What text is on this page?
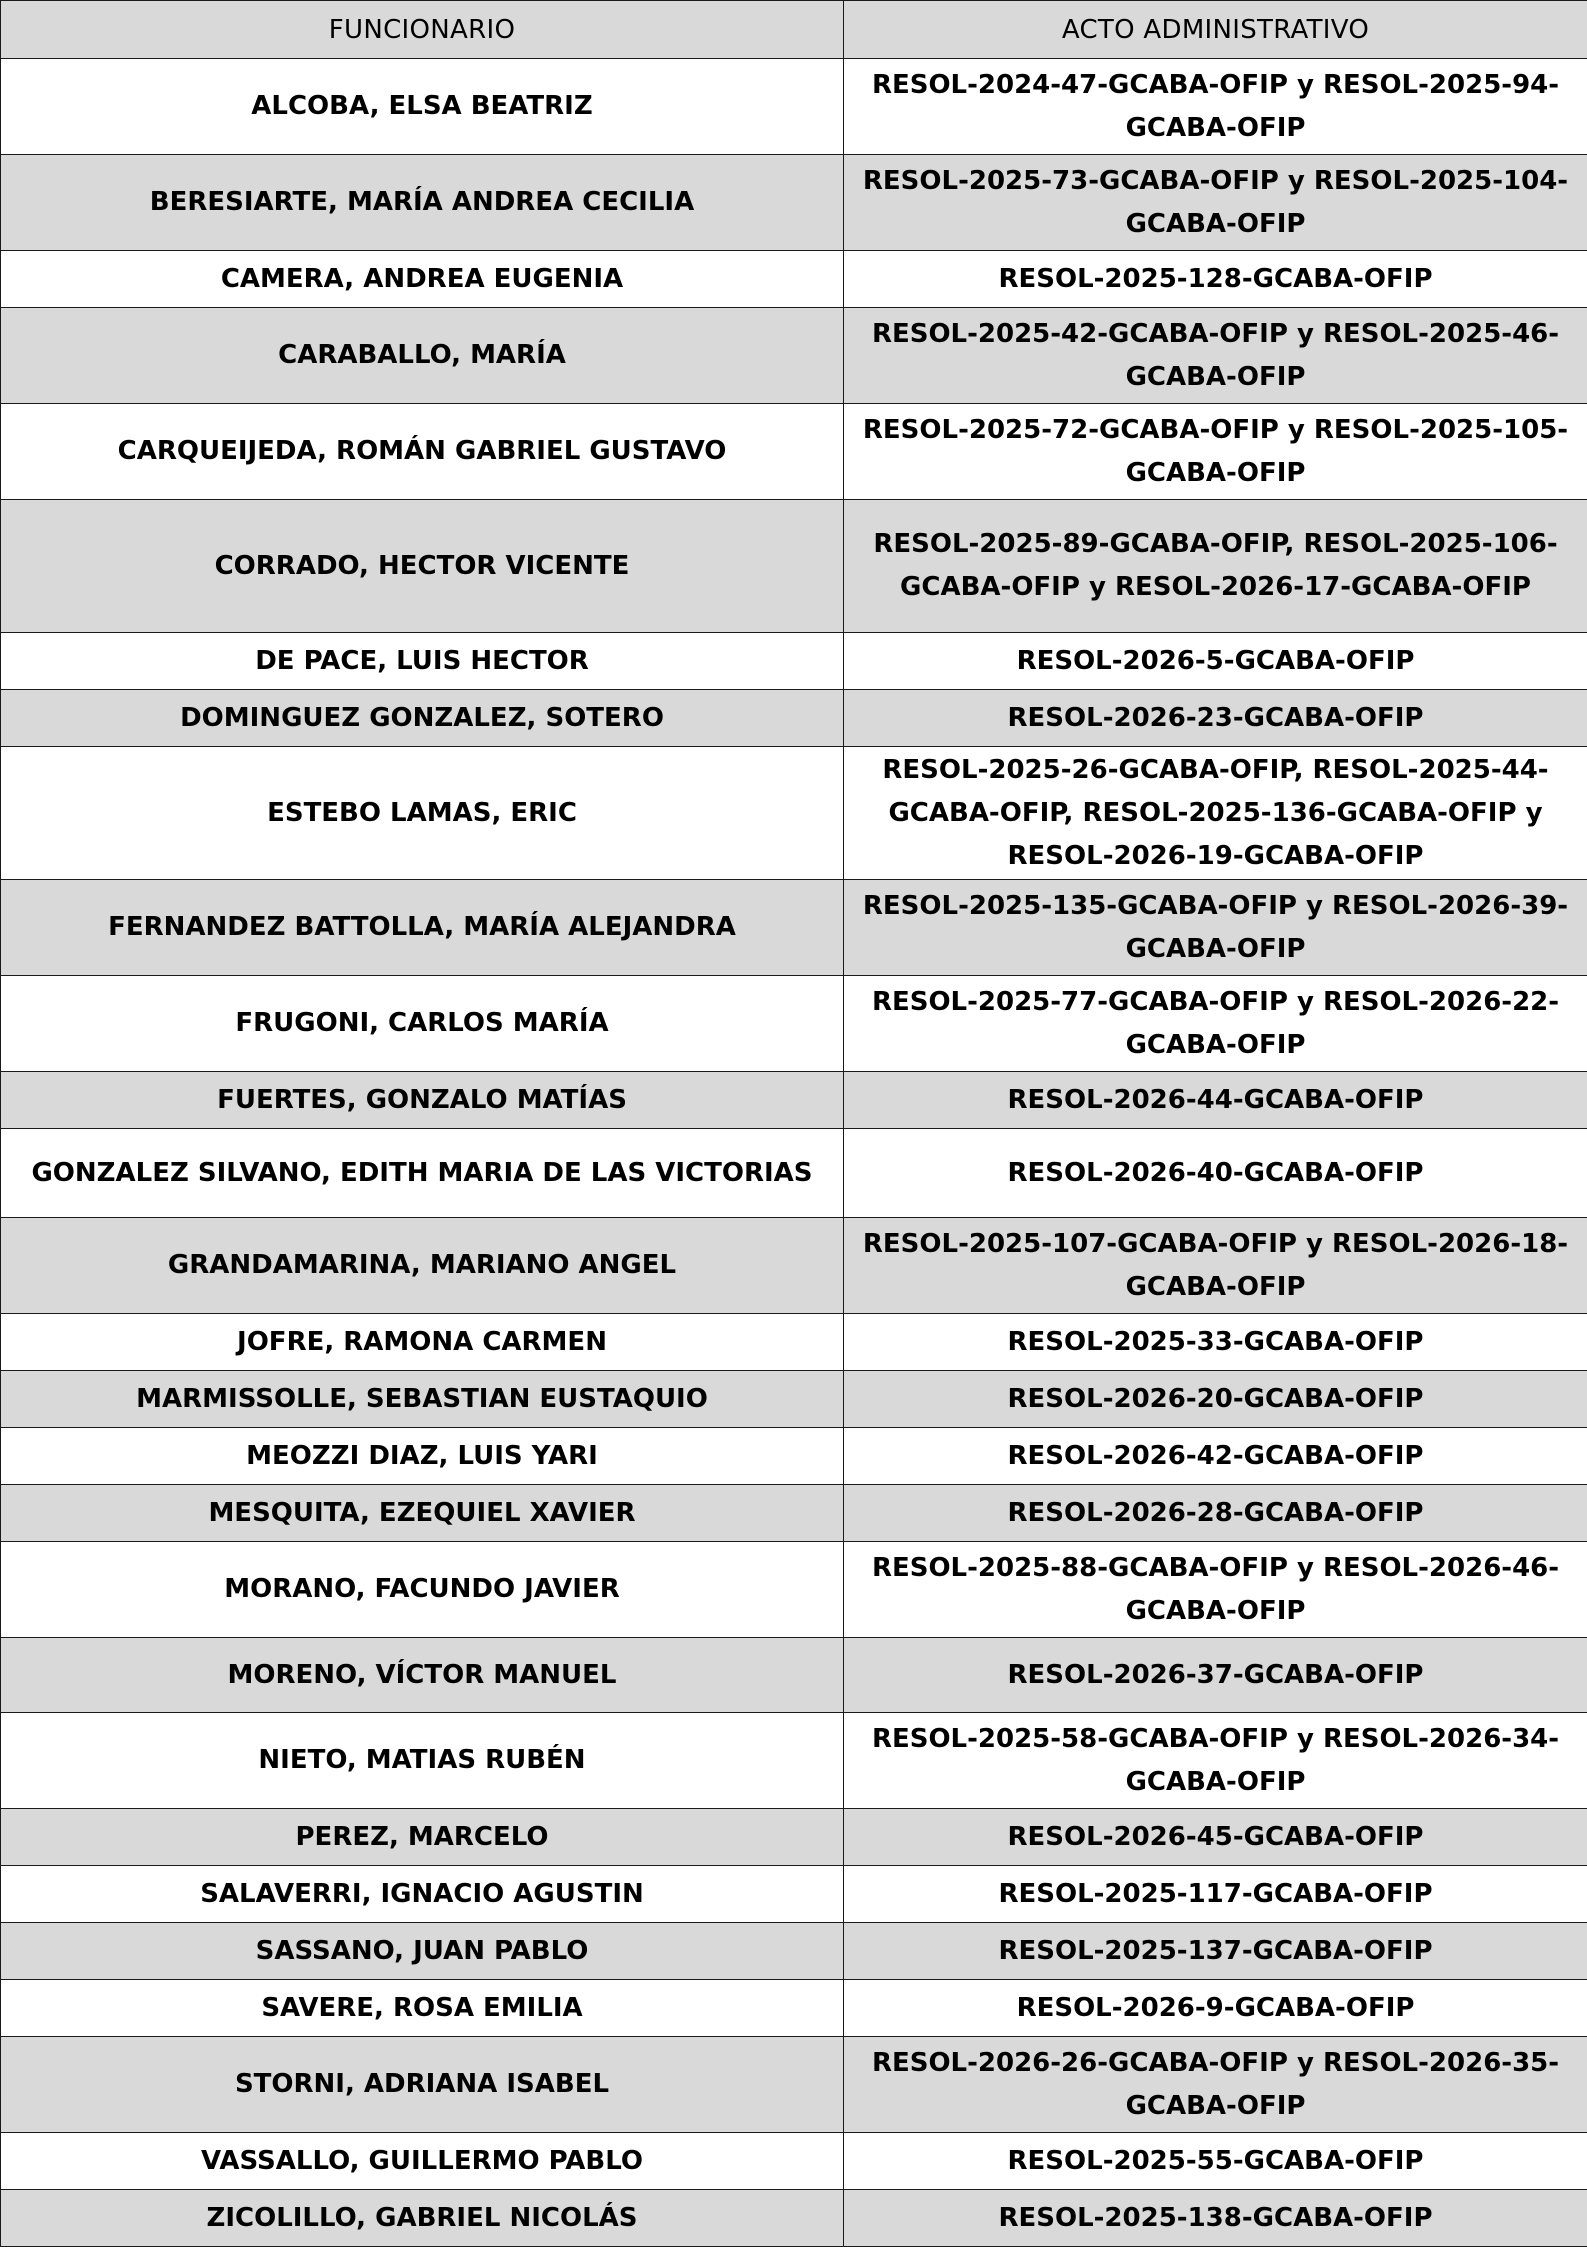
FUNCIONARIO	ACTO ADMINISTRATIVO
ALCOBA, ELSA BEATRIZ	RESOL-2024-47-GCABA-OFIP y RESOL-2025-94-GCABA-OFIP
BERESIARTE, MARÍA ANDREA CECILIA	RESOL-2025-73-GCABA-OFIP y RESOL-2025-104-GCABA-OFIP
CAMERA, ANDREA EUGENIA	RESOL-2025-128-GCABA-OFIP
CARABALLO, MARÍA	RESOL-2025-42-GCABA-OFIP y RESOL-2025-46-GCABA-OFIP
CARQUEIJEDA, ROMÁN GABRIEL GUSTAVO	RESOL-2025-72-GCABA-OFIP y RESOL-2025-105-GCABA-OFIP
CORRADO, HECTOR VICENTE	RESOL-2025-89-GCABA-OFIP, RESOL-2025-106-GCABA-OFIP y RESOL-2026-17-GCABA-OFIP
DE PACE, LUIS HECTOR	RESOL-2026-5-GCABA-OFIP
DOMINGUEZ GONZALEZ, SOTERO	RESOL-2026-23-GCABA-OFIP
ESTEBO LAMAS, ERIC	RESOL-2025-26-GCABA-OFIP, RESOL-2025-44-GCABA-OFIP, RESOL-2025-136-GCABA-OFIP y RESOL-2026-19-GCABA-OFIP
FERNANDEZ BATTOLLA, MARÍA ALEJANDRA	RESOL-2025-135-GCABA-OFIP y RESOL-2026-39-GCABA-OFIP
FRUGONI, CARLOS MARÍA	RESOL-2025-77-GCABA-OFIP y RESOL-2026-22-GCABA-OFIP
FUERTES, GONZALO MATÍAS	RESOL-2026-44-GCABA-OFIP
GONZALEZ SILVANO, EDITH MARIA DE LAS VICTORIAS	RESOL-2026-40-GCABA-OFIP
GRANDAMARINA, MARIANO ANGEL	RESOL-2025-107-GCABA-OFIP y RESOL-2026-18-GCABA-OFIP
JOFRE, RAMONA CARMEN	RESOL-2025-33-GCABA-OFIP
MARMISSOLLE, SEBASTIAN EUSTAQUIO	RESOL-2026-20-GCABA-OFIP
MEOZZI DIAZ, LUIS YARI	RESOL-2026-42-GCABA-OFIP
MESQUITA, EZEQUIEL XAVIER	RESOL-2026-28-GCABA-OFIP
MORANO, FACUNDO JAVIER	RESOL-2025-88-GCABA-OFIP y RESOL-2026-46-GCABA-OFIP
MORENO, VÍCTOR MANUEL	RESOL-2026-37-GCABA-OFIP
NIETO, MATIAS RUBÉN	RESOL-2025-58-GCABA-OFIP y RESOL-2026-34-GCABA-OFIP
PEREZ, MARCELO	RESOL-2026-45-GCABA-OFIP
SALAVERRI, IGNACIO AGUSTIN	RESOL-2025-117-GCABA-OFIP
SASSANO, JUAN PABLO	RESOL-2025-137-GCABA-OFIP
SAVERE, ROSA EMILIA	RESOL-2026-9-GCABA-OFIP
STORNI, ADRIANA ISABEL	RESOL-2026-26-GCABA-OFIP y RESOL-2026-35-GCABA-OFIP
VASSALLO, GUILLERMO PABLO	RESOL-2025-55-GCABA-OFIP
ZICOLILLO, GABRIEL NICOLÁS	RESOL-2025-138-GCABA-OFIP
